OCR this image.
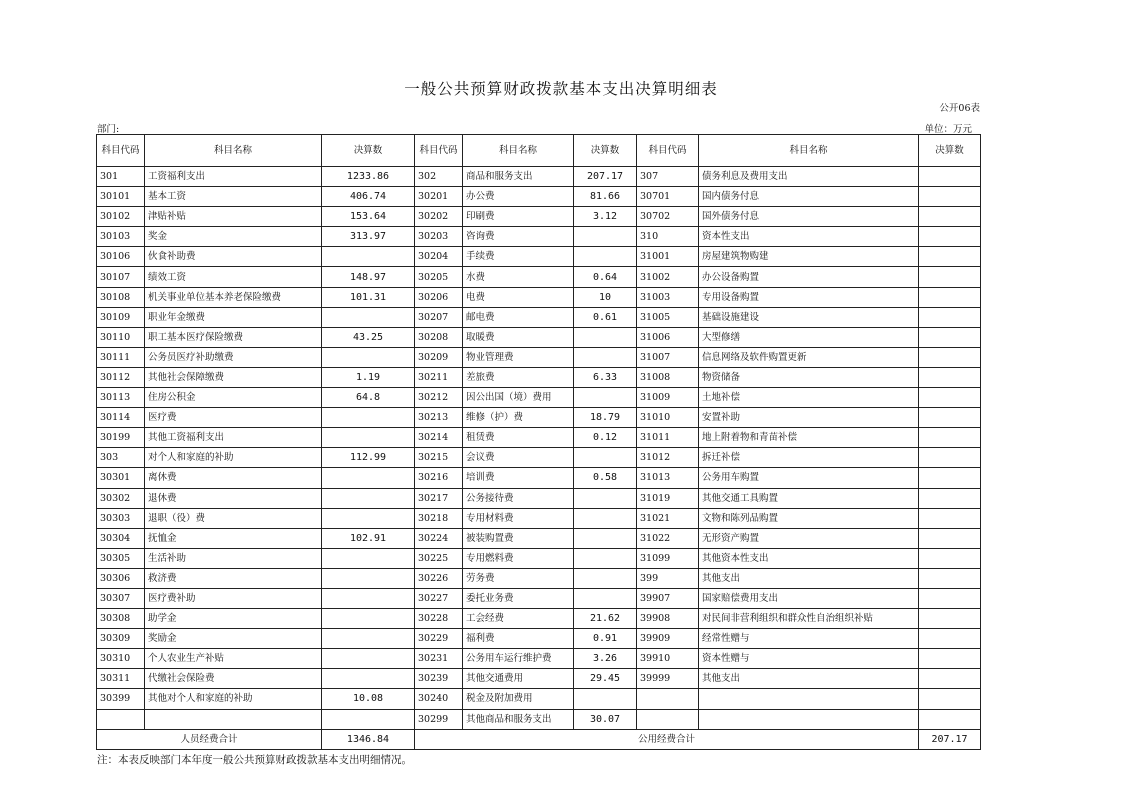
一般公共预算财政拨款基本支出决算明细表
公开06表
部门:	单位：万元
科目代码	科目名称	决算数	科目代码	科目名称	决算数	科目代码	科目名称	决算数
301	工资福利支出	1233.86	302	商品和服务支出	207.17	307	债务利息及费用支出	
30101	基本工资	406.74	30201	办公费	81.66	30701	国内债务付息	
30102	津贴补贴	153.64	30202	印刷费	3.12	30702	国外债务付息	
30103	奖金	313.97	30203	咨询费		310	资本性支出	
30106	伙食补助费		30204	手续费		31001	房屋建筑物购建	
30107	绩效工资	148.97	30205	水费	0.64	31002	办公设备购置	
30108	机关事业单位基本养老保险缴费	101.31	30206	电费	10	31003	专用设备购置	
30109	职业年金缴费		30207	邮电费	0.61	31005	基础设施建设	
30110	职工基本医疗保险缴费	43.25	30208	取暖费		31006	大型修缮	
30111	公务员医疗补助缴费		30209	物业管理费		31007	信息网络及软件购置更新	
30112	其他社会保障缴费	1.19	30211	差旅费	6.33	31008	物资储备	
30113	住房公积金	64.8	30212	因公出国（境）费用		31009	土地补偿	
30114	医疗费		30213	维修（护）费	18.79	31010	安置补助	
30199	其他工资福利支出		30214	租赁费	0.12	31011	地上附着物和青苗补偿	
303	对个人和家庭的补助	112.99	30215	会议费		31012	拆迁补偿	
30301	离休费		30216	培训费	0.58	31013	公务用车购置	
30302	退休费		30217	公务接待费		31019	其他交通工具购置	
30303	退职（役）费		30218	专用材料费		31021	文物和陈列品购置	
30304	抚恤金	102.91	30224	被装购置费		31022	无形资产购置	
30305	生活补助		30225	专用燃料费		31099	其他资本性支出	
30306	救济费		30226	劳务费		399	其他支出	
30307	医疗费补助		30227	委托业务费		39907	国家赔偿费用支出	
30308	助学金		30228	工会经费	21.62	39908	对民间非营利组织和群众性自治组织补贴	
30309	奖励金		30229	福利费	0.91	39909	经常性赠与	
30310	个人农业生产补贴		30231	公务用车运行维护费	3.26	39910	资本性赠与	
30311	代缴社会保险费		30239	其他交通费用	29.45	39999	其他支出	
30399	其他对个人和家庭的补助	10.08	30240	税金及附加费用				
			30299	其他商品和服务支出	30.07			
人员经费合计		1346.84	公用经费合计					207.17
注：本表反映部门本年度一般公共预算财政拨款基本支出明细情况。
